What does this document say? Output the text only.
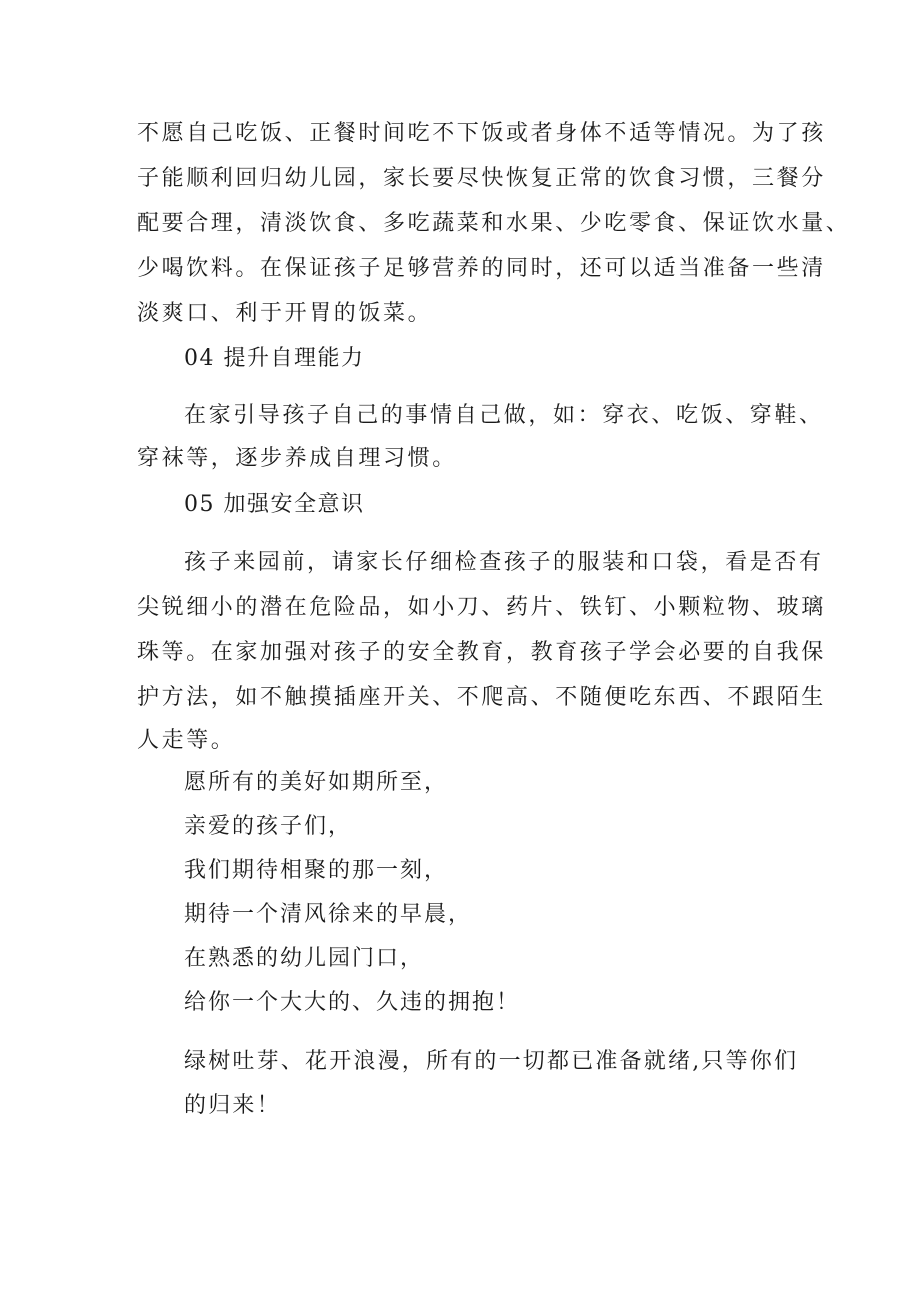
不愿自己吃饭、正餐时间吃不下饭或者身体不适等情况。为了孩
子能顺利回归幼儿园，家长要尽快恢复正常的饮食习惯，三餐分
配要合理，清淡饮食、多吃蔬菜和水果、少吃零食、保证饮水量、
少喝饮料。在保证孩子足够营养的同时，还可以适当准备一些清
淡爽口、利于开胃的饭菜。
04 提升自理能力
在家引导孩子自己的事情自己做，如：穿衣、吃饭、穿鞋、
穿袜等，逐步养成自理习惯。
05 加强安全意识
孩子来园前，请家长仔细检查孩子的服装和口袋，看是否有
尖锐细小的潜在危险品，如小刀、药片、铁钉、小颗粒物、玻璃
珠等。在家加强对孩子的安全教育，教育孩子学会必要的自我保
护方法，如不触摸插座开关、不爬高、不随便吃东西、不跟陌生
人走等。
愿所有的美好如期所至，
亲爱的孩子们，
我们期待相聚的那一刻，
期待一个清风徐来的早晨，
在熟悉的幼儿园门口，
给你一个大大的、久违的拥抱！
绿树吐芽、花开浪漫，所有的一切都已准备就绪,只等你们
的归来！
